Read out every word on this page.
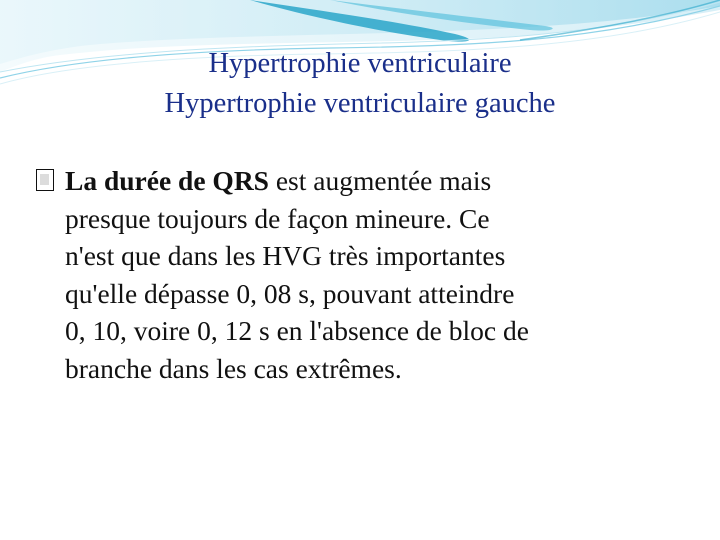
Hypertrophie ventriculaire
Hypertrophie ventriculaire gauche
La durée de QRS est augmentée mais
presque toujours de façon mineure. Ce
n'est que dans les HVG très importantes
qu'elle dépasse 0, 08 s, pouvant atteindre
0, 10, voire 0, 12 s en l'absence de bloc de
branche dans les cas extrêmes.
